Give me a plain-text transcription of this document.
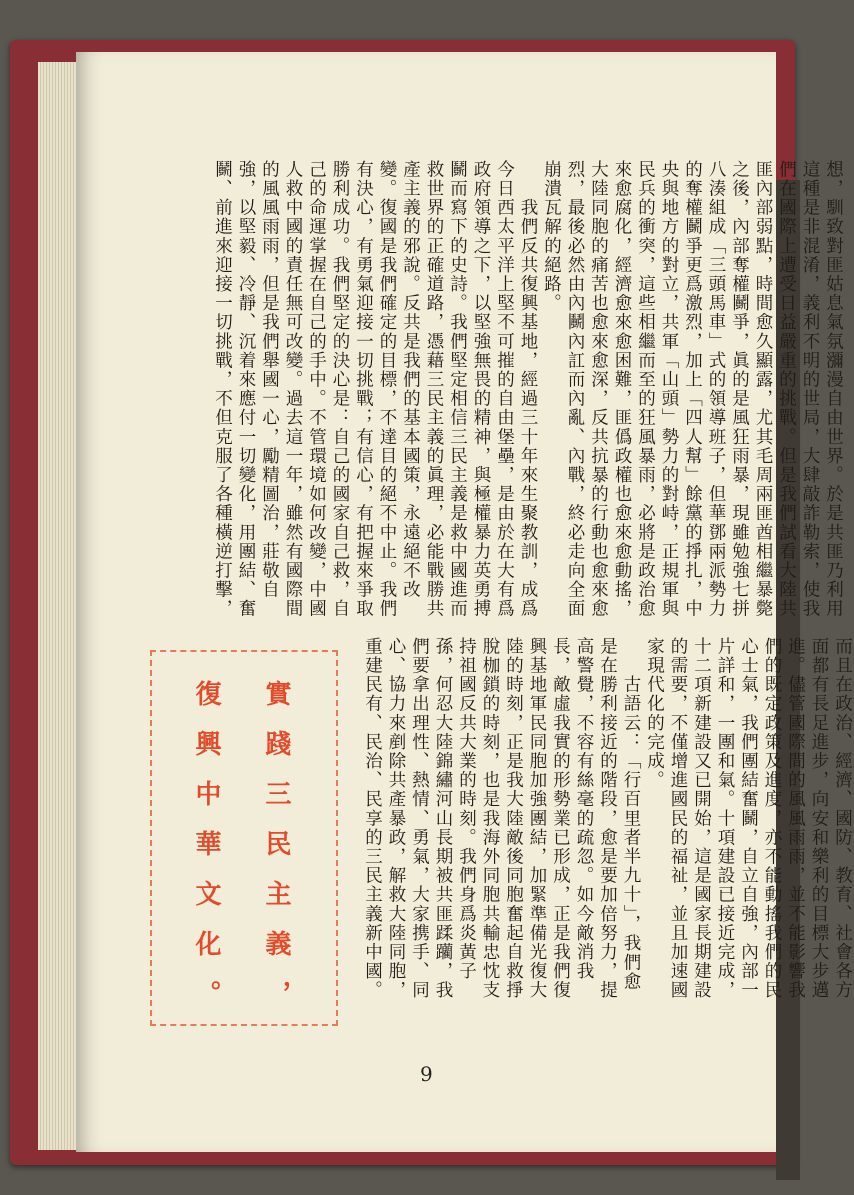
想，馴致對匪姑息氣氛瀰漫自由世界。於是共匪乃利用這種是非混淆，義利不明的世局，大肆敲詐勒索，使我們在國際上遭受日益嚴重的挑戰。但是我們試看大陸共匪內部弱點，時間愈久顯露，尤其毛周兩匪酋相繼暴斃之後，內部奪權鬭爭，眞的是風狂雨暴，現雖勉強七拼八湊組成「三頭馬車」式的領導班子，但華鄧兩派勢力的奪權鬭爭更爲激烈，加上「四人幫」餘黨的掙扎，中央與地方的對立，共軍「山頭」勢力的對峙，正規軍與民兵的衝突，這些相繼而至的狂風暴雨，必將是政治愈來愈腐化，經濟愈來愈困難，匪僞政權也愈來愈動搖，大陸同胞的痛苦也愈來愈深，反共抗暴的行動也愈來愈烈，最後必然由內鬭內訌而內亂、內戰，終必走向全面崩潰瓦解的絕路。
　　我們反共復興基地，經過三十年來生聚教訓，成爲今日西太平洋上堅不可摧的自由堡壘，是由於在大有爲政府領導之下，以堅強無畏的精神，與極權暴力英勇搏鬭而寫下的史詩。我們堅定相信三民主義是救中國進而救世界的正確道路，憑藉三民主義的眞理，必能戰勝共產主義的邪說。反共是我們的基本國策，永遠絕不改變。復國是我們確定的目標，不達目的絕不中止。我們有決心，有勇氣迎接一切挑戰；有信心，有把握來爭取勝利成功。我們堅定的決心是：自己的國家自己救，自己的命運掌握在自己的手中。不管環境如何改變，中國人救中國的責任無可改變。過去這一年，雖然有國際間的風風雨雨，但是我們舉國一心，勵精圖治，莊敬自強，以堅毅、冷靜、沉着來應付一切變化，用團結、奮鬭、前進來迎接一切挑戰，不但克服了各種橫逆打擊，
而且在政治、經濟、國防、教育、社會各方面都有長足進步，向安和樂利的目標大步邁進。儘管國際間的風風雨雨，並不能影響我們的既定政策及進度，亦不能動搖我們的民心士氣，我們團結奮鬭，自立自強，內部一片詳和，一團和氣。十項建設已接近完成，十二項新建設又已開始，這是國家長期建設的需要，不僅增進國民的福祉，並且加速國家現代化的完成。
　　古語云：「行百里者半九十」，我們愈是在勝利接近的階段，愈是要加倍努力，提高警覺，不容有絲毫的疏忽。如今敵消我長，敵虛我實的形勢業已形成，正是我們復興基地軍民同胞加強團結，加緊準備光復大陸的時刻，正是我大陸敵後同胞奮起自救掙脫枷鎖的時刻，也是我海外同胞共輸忠忱支持祖國反共大業的時刻。我們身爲炎黃子孫，何忍大陸錦繡河山長期被共匪蹂躪，我們要拿出理性、熱情、勇氣，大家携手、同心、協力來剷除共產暴政，解救大陸同胞，重建民有、民治、民享的三民主義新中國。
實踐三民主義，
復興中華文化。
9
